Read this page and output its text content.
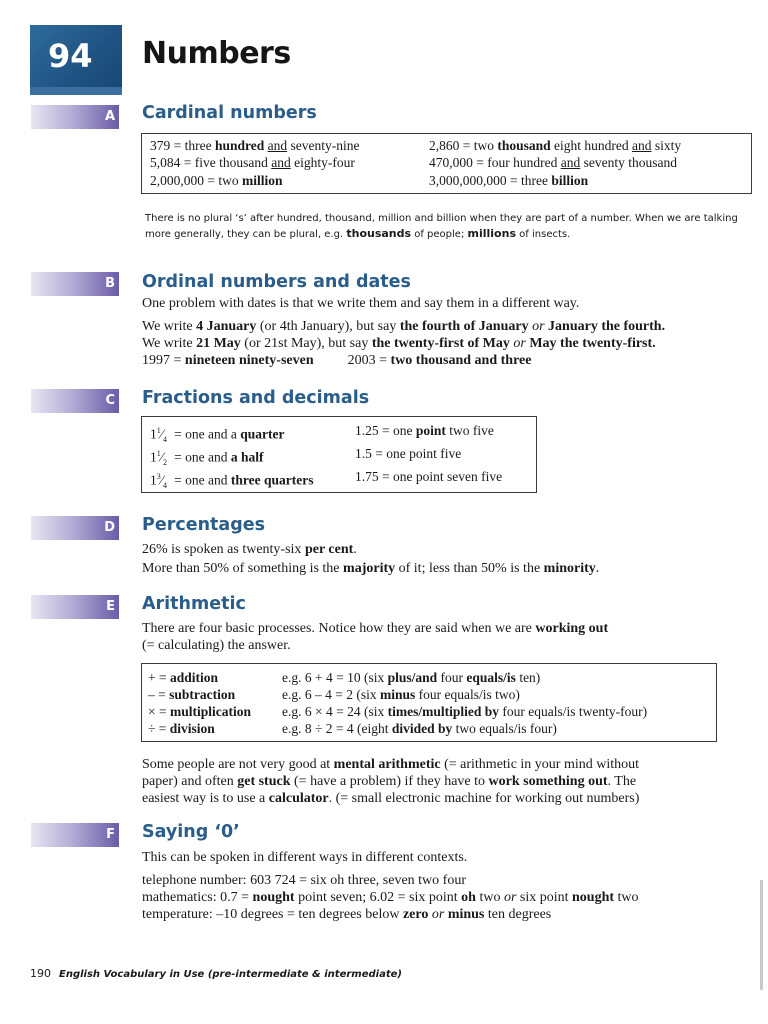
94	Numbers
A Cardinal numbers
379 = three hundred and seventy-nine
5,084 = five thousand and eighty-four
2,000,000 = two million
2,860 = two thousand eight hundred and sixty
470,000 = four hundred and seventy thousand
3,000,000,000 = three billion

There is no plural ‘s’ after hundred, thousand, million and billion when they are part of a number. When we are talking more generally, they can be plural, e.g. thousands of people; millions of insects.

B Ordinal numbers and dates

One problem with dates is that we write them and say them in a different way.

We write 4 January (or 4th January), but say the fourth of January or January the fourth.

We write 21 May (or 21st May), but say the twenty-first of May or May the twenty-first.

1997 = nineteen ninety-seven 2003 = two thousand and three

C Fractions and decimals
$1^1⁄_4$ = one and a quarter
$1^1⁄_2$ = one and a half
$1^3⁄_4$ = one and three quarters
1.25 = one point two five
1.5 = one point five
1.75 = one point seven five
D Percentages

26% is spoken as twenty-six per cent.

More than 50% of something is the majority of it; less than 50% is the minority.

E Arithmetic

There are four basic processes. Notice how they are said when we are working out

(= calculating) the answer.

+ = addition
– = subtraction
× = multiplication
÷ = division
e.g. 6 + 4 = 10 (six plus/and four equals/is ten)
e.g. 6 – 4 = 2 (six minus four equals/is two)
e.g. 6 × 4 = 24 (six times/multiplied by four equals/is twenty-four)
e.g. 8 ÷ 2 = 4 (eight divided by two equals/is four)

Some people are not very good at mental arithmetic (= arithmetic in your mind without

paper) and often get stuck (= have a problem) if they have to work something out. The

easiest way is to use a calculator. (= small electronic machine for working out numbers)

F Saying ‘0’

This can be spoken in different ways in different contexts.

telephone number: 603 724 = six oh three, seven two four

mathematics: 0.7 = nought point seven; 6.02 = six point oh two or six point nought two

temperature: –10 degrees = ten degrees below zero or minus ten degrees

190 English Vocabulary in Use (pre-intermediate & intermediate)
